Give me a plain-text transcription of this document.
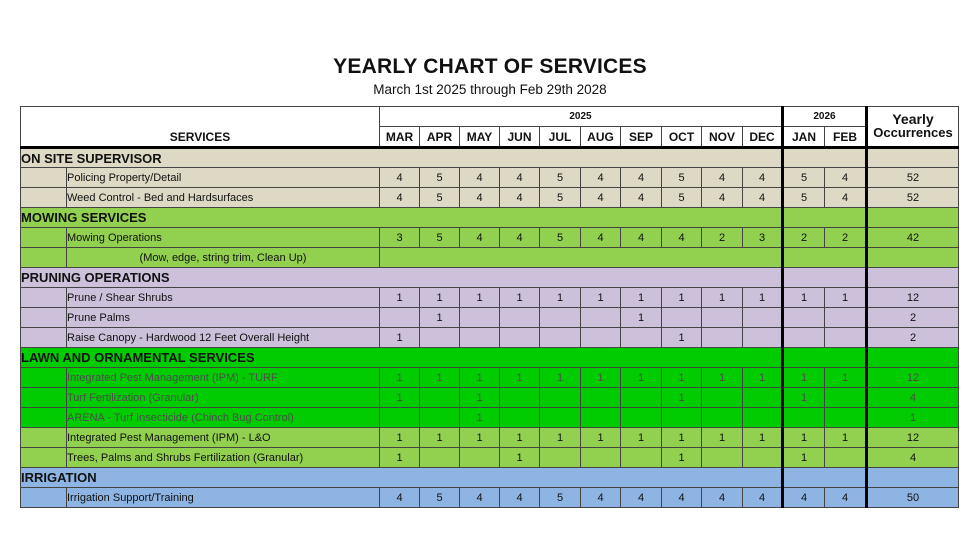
YEARLY CHART OF SERVICES
March 1st 2025 through Feb 29th 2028
		2025										2026		Yearly
Occurrences

SERVICES		MAR	APR	MAY	JUN	JUL	AUG	SEP	OCT	NOV	DEC	JAN	FEB	
ON SITE SUPERVISOR														
	Policing Property/Detail	4	5	4	4	5	4	4	5	4	4	5	4	52
	Weed Control - Bed and Hardsurfaces	4	5	4	4	5	4	4	5	4	4	5	4	52
MOWING SERVICES														
	Mowing Operations	3	5	4	4	5	4	4	4	2	3	2	2	42
	(Mow, edge, string trim, Clean Up)													
PRUNING OPERATIONS														
	Prune / Shear Shrubs	1	1	1	1	1	1	1	1	1	1	1	1	12
	Prune Palms		1					1						2
	Raise Canopy - Hardwood 12 Feet Overall Height	1							1					2
LAWN AND ORNAMENTAL SERVICES														
	Integrated Pest Management (IPM) - TURF	1	1	1	1	1	1	1	1	1	1	1	1	12
	Turf Fertilization (Granular)	1		1					1			1		4
	ARENA - Turf Insecticide (Chinch Bug Control)			1										1
	Integrated Pest Management (IPM) - L&O	1	1	1	1	1	1	1	1	1	1	1	1	12
	Trees, Palms and Shrubs Fertilization (Granular)	1			1				1			1		4
IRRIGATION														
	Irrigation Support/Training	4	5	4	4	5	4	4	4	4	4	4	4	50
